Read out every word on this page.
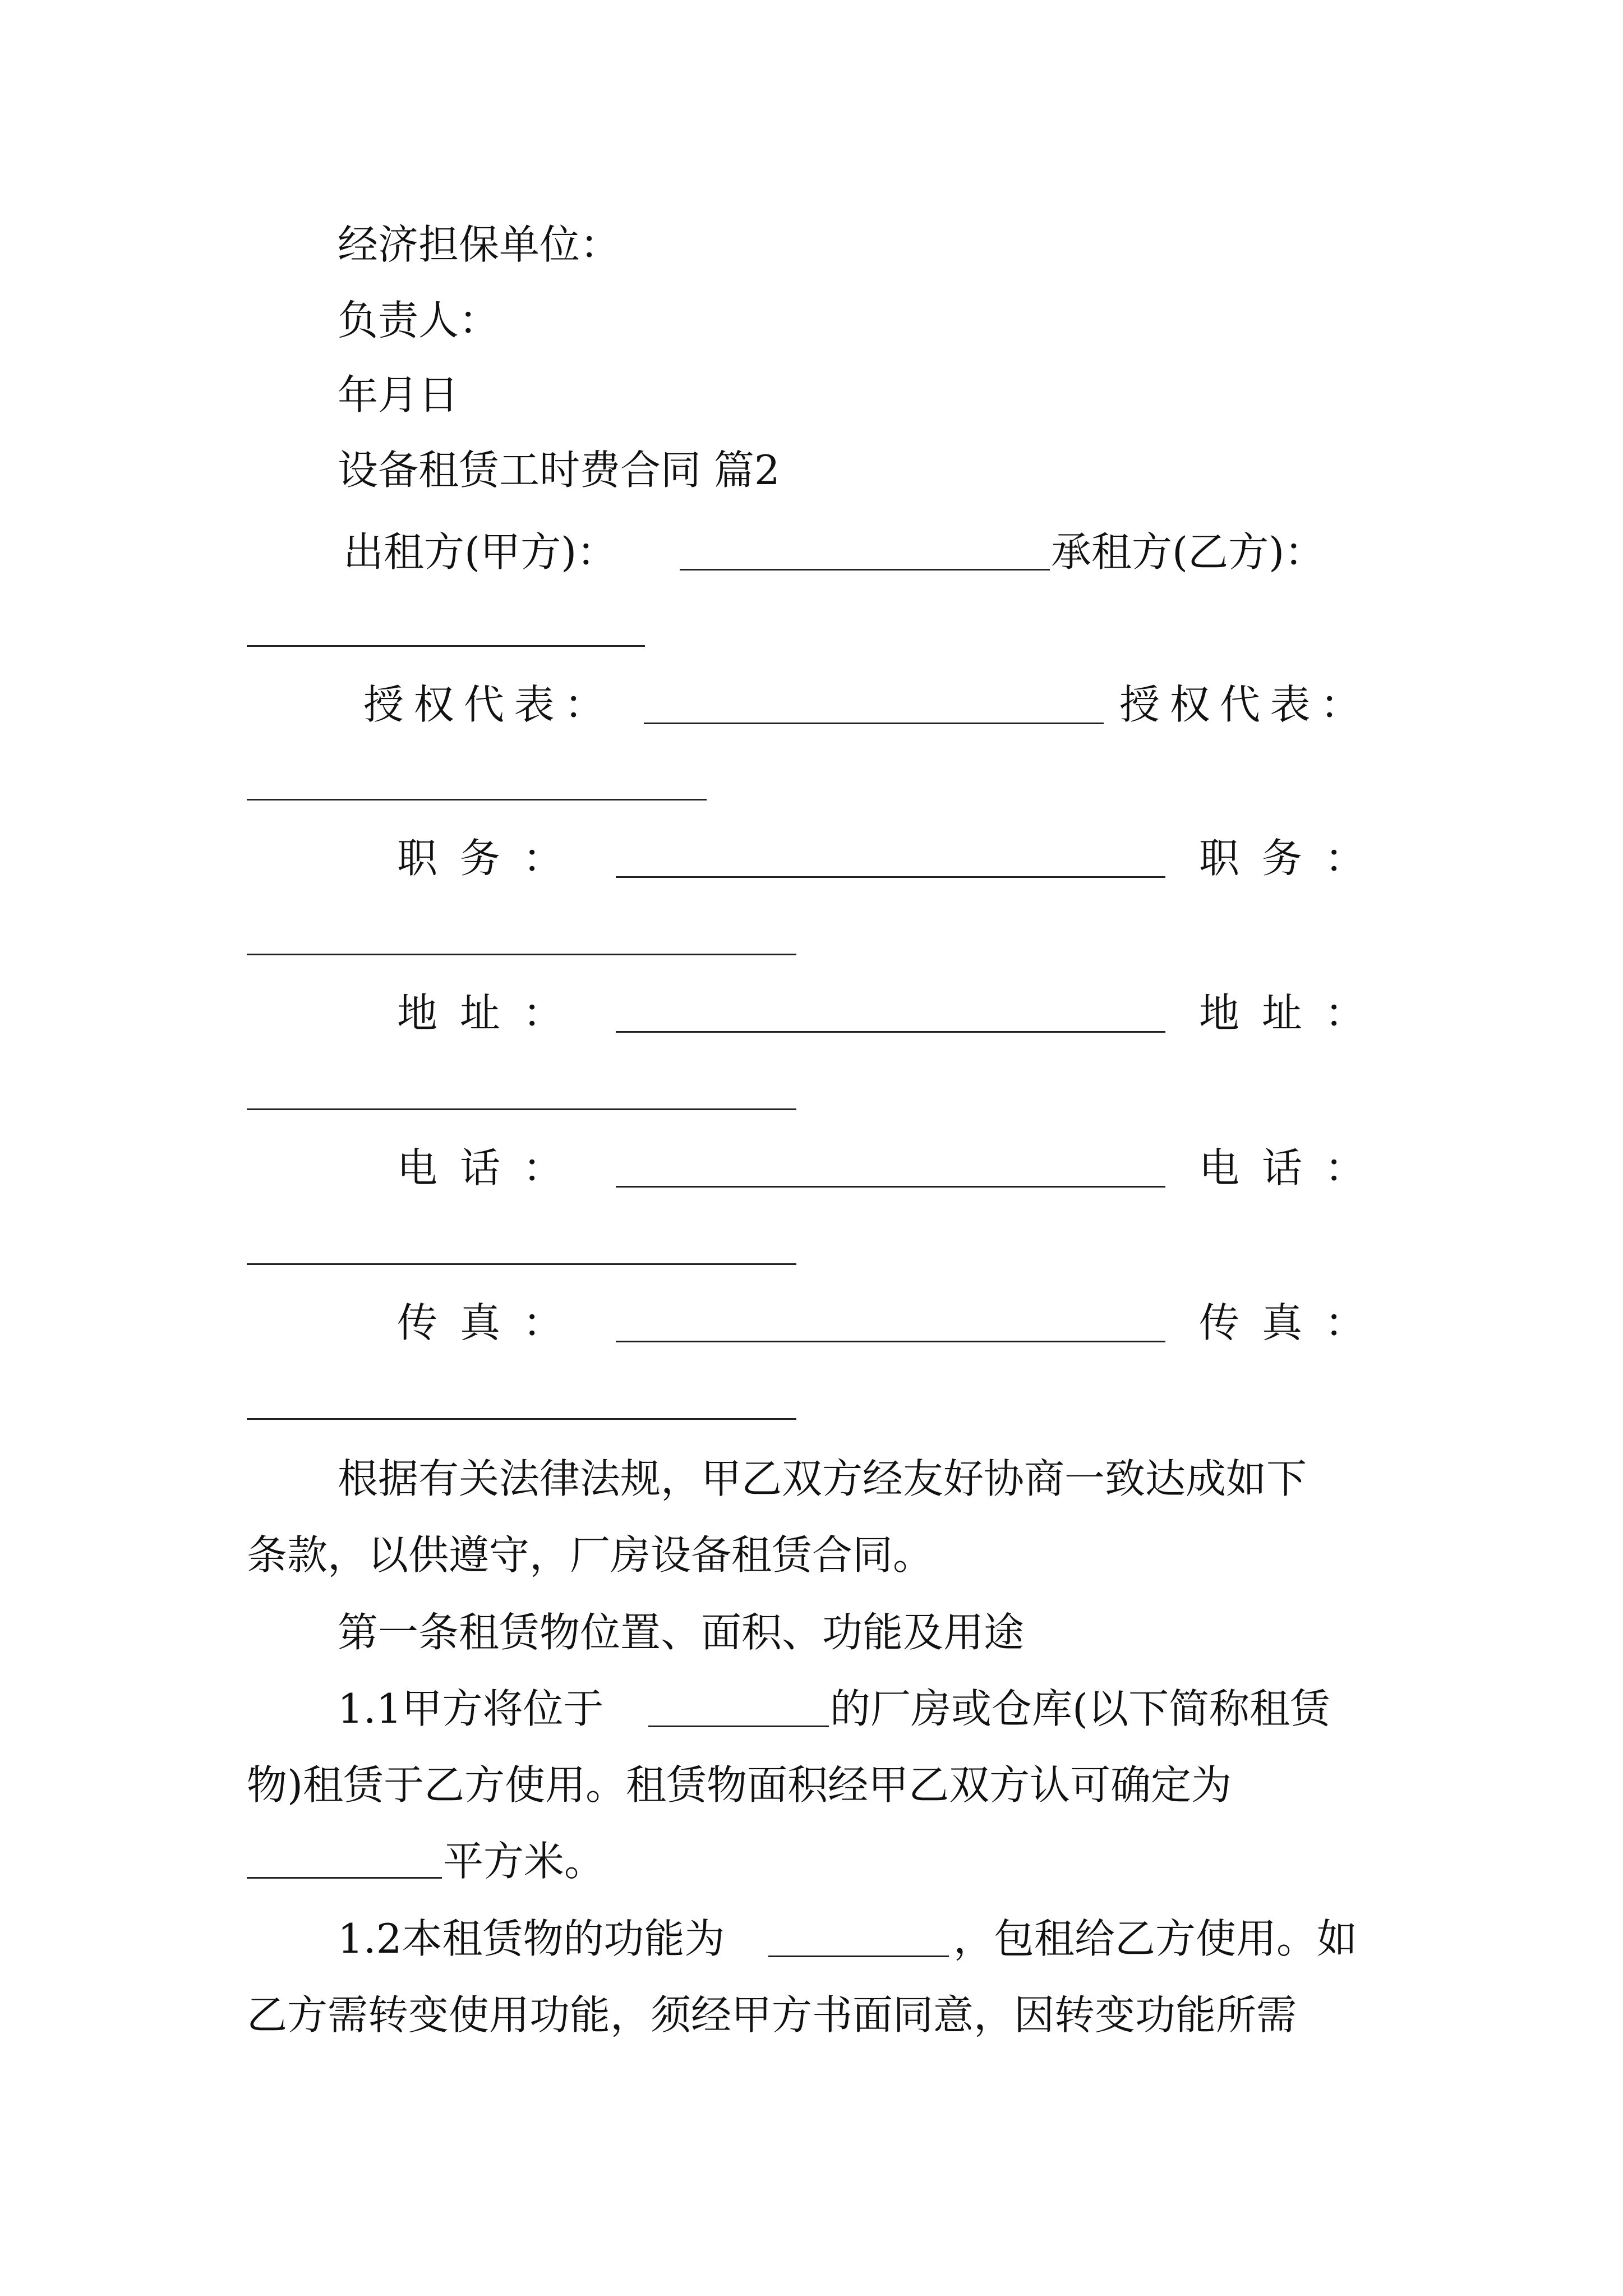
经济担保单位：
负责人：
年月日
设备租赁工时费合同 篇2
出租方(甲方)：	承租方(乙方)：
授 权 代 表 ：	授 权 代 表 ：
职 务 ：	职 务 ：
地 址 ：	地 址 ：
电 话 ：	电 话 ：
传 真 ：	传 真 ：
根据有关法律法规，甲乙双方经友好协商一致达成如下
条款，以供遵守，厂房设备租赁合同。
第一条租赁物位置、面积、功能及用途
1.1甲方将位于	的厂房或仓库(以下简称租赁
物)租赁于乙方使用。租赁物面积经甲乙双方认可确定为
平方米。
1.2本租赁物的功能为	，包租给乙方使用。如
乙方需转变使用功能，须经甲方书面同意，因转变功能所需
